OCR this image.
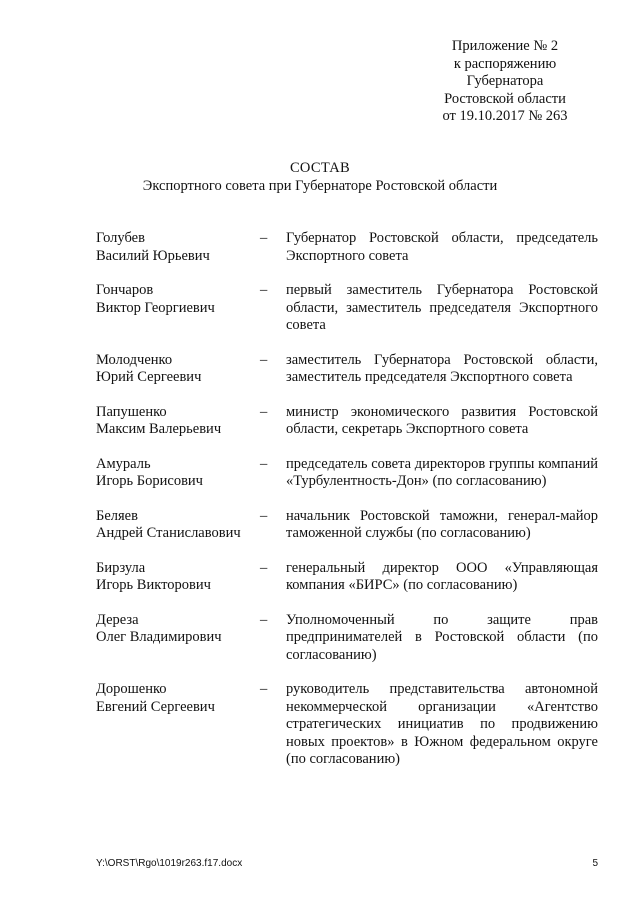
Приложение № 2
к распоряжению
Губернатора
Ростовской области
от 19.10.2017 № 263
СОСТАВ
Экспортного совета при Губернаторе Ростовской области
Голубев
Василий Юрьевич
–	Губернатор Ростовской области, председатель Экспортного совета
Гончаров
Виктор Георгиевич
–	первый заместитель Губернатора Ростовской области, заместитель председателя Экспортного совета
Молодченко
Юрий Сергеевич
–	заместитель Губернатора Ростовской области, заместитель председателя Экспортного совета
Папушенко
Максим Валерьевич
–	министр экономического развития Ростовской области, секретарь Экспортного совета
Амураль
Игорь Борисович
–	председатель совета директоров группы компаний «Турбулентность-Дон» (по согласованию)
Беляев
Андрей Станиславович
–	начальник Ростовской таможни, генерал-майор таможенной службы (по согласованию)
Бирзула
Игорь Викторович
–	генеральный директор ООО «Управляющая компания «БИРС» (по согласованию)
Дереза
Олег Владимирович
–	Уполномоченный по защите прав предпринимателей в Ростовской области (по согласованию)
Дорошенко
Евгений Сергеевич
–	руководитель представительства автономной некоммерческой организации «Агентство стратегических инициатив по продвижению новых проектов» в Южном федеральном округе (по согласованию)
Y:\ORST\Rgo\1019r263.f17.docx	5
